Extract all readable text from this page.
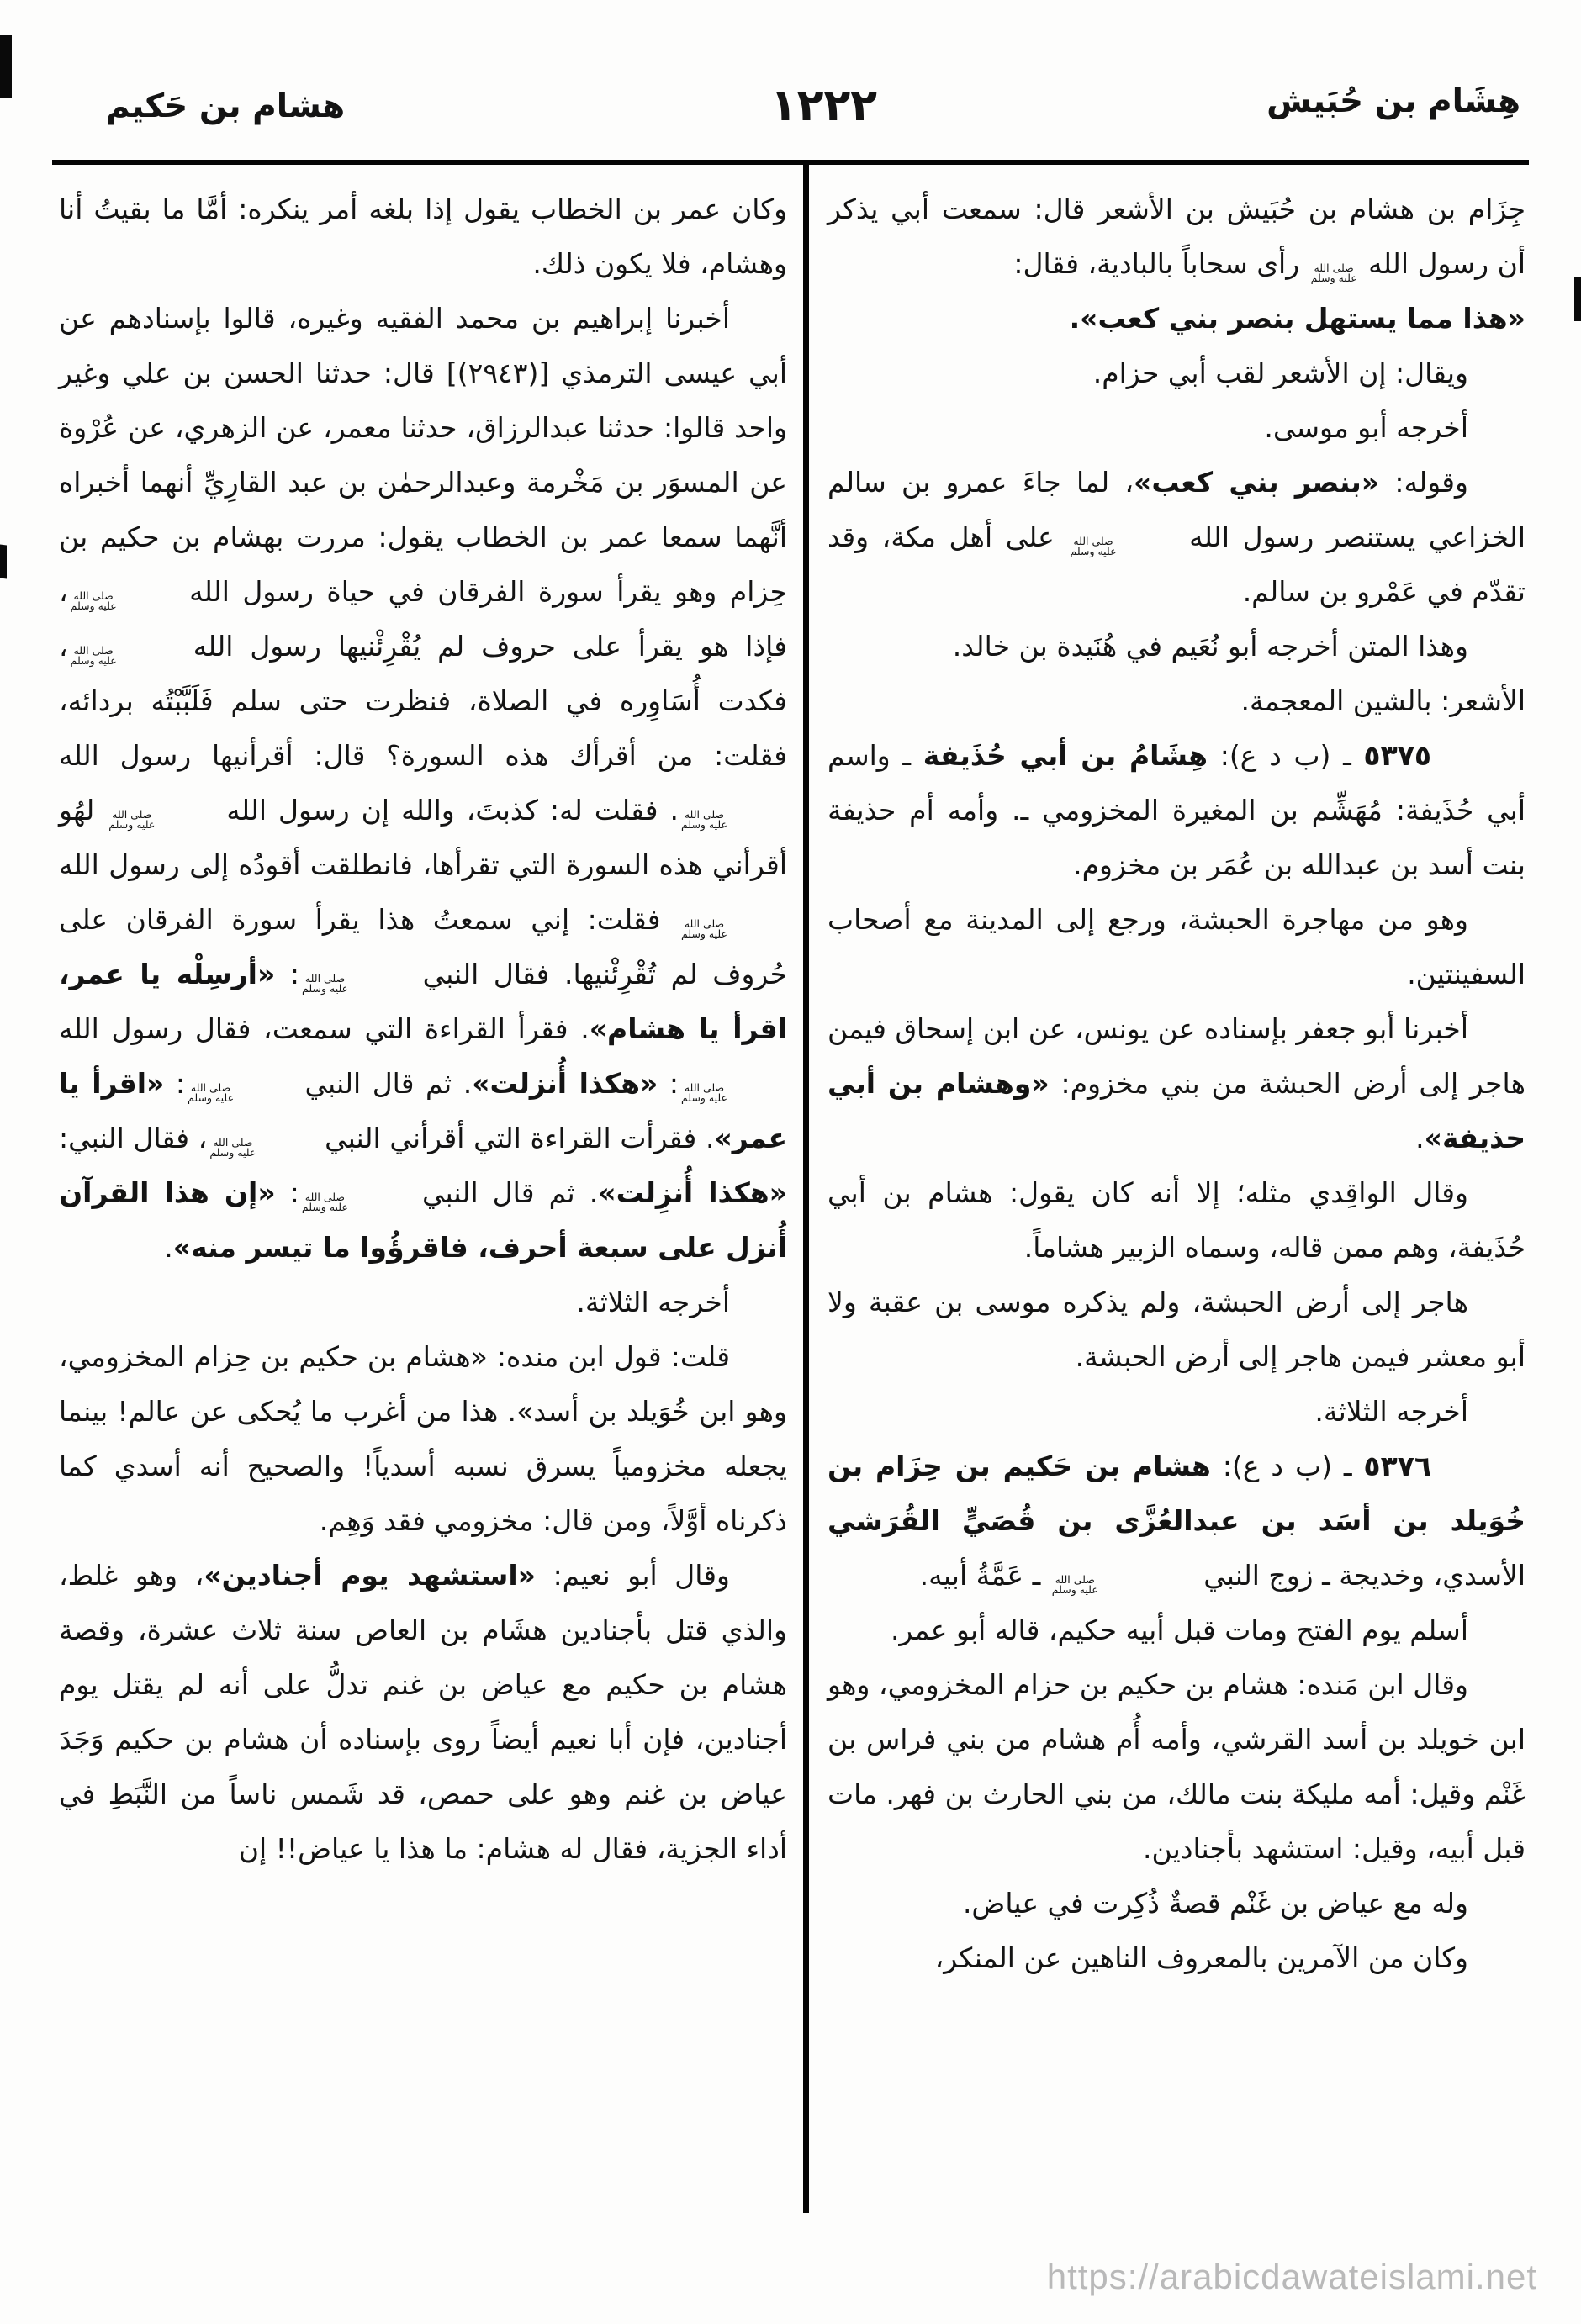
هشام بن حَكيم	١٢٢٢	هِشَام بن حُبَيش

جِزَام بن هشام بن حُبَيش بن الأشعر قال: سمعت أبي يذكر أن رسول الله
صلى الله
عليه وسلم
رأى سحاباً بالبادية، فقال:

«هذا مما يستهل بنصر بني كعب».

ويقال: إن الأشعر لقب أبي حزام.

أخرجه أبو موسى.

وقوله: «بنصر بني كعب»، لما جاءَ عمرو بن سالم الخزاعي يستنصر رسول الله
صلى الله
عليه وسلم
على أهل مكة، وقد تقدّم في عَمْرو بن سالم.

وهذا المتن أخرجه أبو نُعَيم في هُنَيدة بن خالد.

الأشعر: بالشين المعجمة.

٥٣٧٥ ـ (ب د ع): هِشَامُ بن أبي حُذَيفة ـ واسم أبي حُذَيفة: مُهَشِّم بن المغيرة المخزومي ـ. وأمه أم حذيفة بنت أسد بن عبدالله بن عُمَر بن مخزوم.

وهو من مهاجرة الحبشة، ورجع إلى المدينة مع أصحاب السفينتين.

أخبرنا أبو جعفر بإسناده عن يونس، عن ابن إسحاق فيمن هاجر إلى أرض الحبشة من بني مخزوم: «وهشام بن أبي حذيفة».

وقال الواقِدي مثله؛ إلا أنه كان يقول: هشام بن أبي حُذَيفة، وهم ممن قاله، وسماه الزبير هشاماً.

هاجر إلى أرض الحبشة، ولم يذكره موسى بن عقبة ولا أبو معشر فيمن هاجر إلى أرض الحبشة.

أخرجه الثلاثة.

٥٣٧٦ ـ (ب د ع): هشام بن حَكيم بن حِزَام بن خُوَيلد بن أسَد بن عبدالعُزَّى بن قُصَيٍّ القُرَشي الأسدي، وخديجة ـ زوج النبي
صلى الله
عليه وسلم
ـ عَمَّةُ أبيه.

أسلم يوم الفتح ومات قبل أبيه حكيم، قاله أبو عمر.

وقال ابن مَنده: هشام بن حكيم بن حزام المخزومي، وهو ابن خويلد بن أسد القرشي، وأمه أُم هشام من بني فراس بن غَنْم وقيل: أمه مليكة بنت مالك، من بني الحارث بن فهر. مات قبل أبيه، وقيل: استشهد بأجنادين.

وله مع عياض بن غَنْم قصةٌ ذُكِرت في عياض.

وكان من الآمرين بالمعروف الناهين عن المنكر،

وكان عمر بن الخطاب يقول إذا بلغه أمر ينكره: أمَّا ما بقيتُ أنا وهشام، فلا يكون ذلك.

أخبرنا إبراهيم بن محمد الفقيه وغيره، قالوا بإسنادهم عن أبي عيسى الترمذي [(٢٩٤٣)] قال: حدثنا الحسن بن علي وغير واحد قالوا: حدثنا عبدالرزاق، حدثنا معمر، عن الزهري، عن عُرْوة عن المسوَر بن مَخْرمة وعبدالرحمٰن بن عبد القارِيِّ أنهما أخبراه أنَّهما سمعا عمر بن الخطاب يقول: مررت بهشام بن حكيم بن حِزام وهو يقرأ سورة الفرقان في حياة رسول الله
صلى الله
عليه وسلم
، فإذا هو يقرأ على حروف لم يُقْرِئْنيها رسول الله
صلى الله
عليه وسلم
، فكدت أُسَاوِره في الصلاة، فنظرت حتى سلم فَلَبَّبْتُه بردائه، فقلت: من أقرأك هذه السورة؟ قال: أقرأنيها رسول الله
صلى الله
عليه وسلم
. فقلت له: كذبتَ، والله إن رسول الله
صلى الله
عليه وسلم
لهُو أقرأني هذه السورة التي تقرأها، فانطلقت أقودُه إلى رسول الله
صلى الله
عليه وسلم
فقلت: إني سمعتُ هذا يقرأ سورة الفرقان على حُروف لم تُقْرِئْنيها. فقال النبي
صلى الله
عليه وسلم
: «أرسِلْه يا عمر، اقرأ يا هشام». فقرأ القراءة التي سمعت، فقال رسول الله
صلى الله
عليه وسلم
: «هكذا أُنزلت». ثم قال النبي
صلى الله
عليه وسلم
: «اقرأ يا عمر». فقرأت القراءة التي أقرأني النبي
صلى الله
عليه وسلم
، فقال النبي: «هكذا أُنزِلت». ثم قال النبي
صلى الله
عليه وسلم
: «إن هذا القرآن أُنزل على سبعة أحرف، فاقرؤُوا ما تيسر منه».

أخرجه الثلاثة.

قلت: قول ابن منده: «هشام بن حكيم بن حِزام المخزومي، وهو ابن خُوَيلد بن أسد». هذا من أغرب ما يُحكى عن عالم! بينما يجعله مخزومياً يسرق نسبه أسدياً! والصحيح أنه أسدي كما ذكرناه أوَّلاً، ومن قال: مخزومي فقد وَهِم.

وقال أبو نعيم: «استشهد يوم أجنادين»، وهو غلط، والذي قتل بأجنادين هشَام بن العاص سنة ثلاث عشرة، وقصة هشام بن حكيم مع عياض بن غنم تدلُّ على أنه لم يقتل يوم أجنادين، فإن أبا نعيم أيضاً روى بإسناده أن هشام بن حكيم وَجَدَ عياض بن غنم وهو على حمص، قد شَمس ناساً من النَّبَطِ في أداء الجزية، فقال له هشام: ما هذا يا عياض!! إن

https://arabicdawateislami.net
